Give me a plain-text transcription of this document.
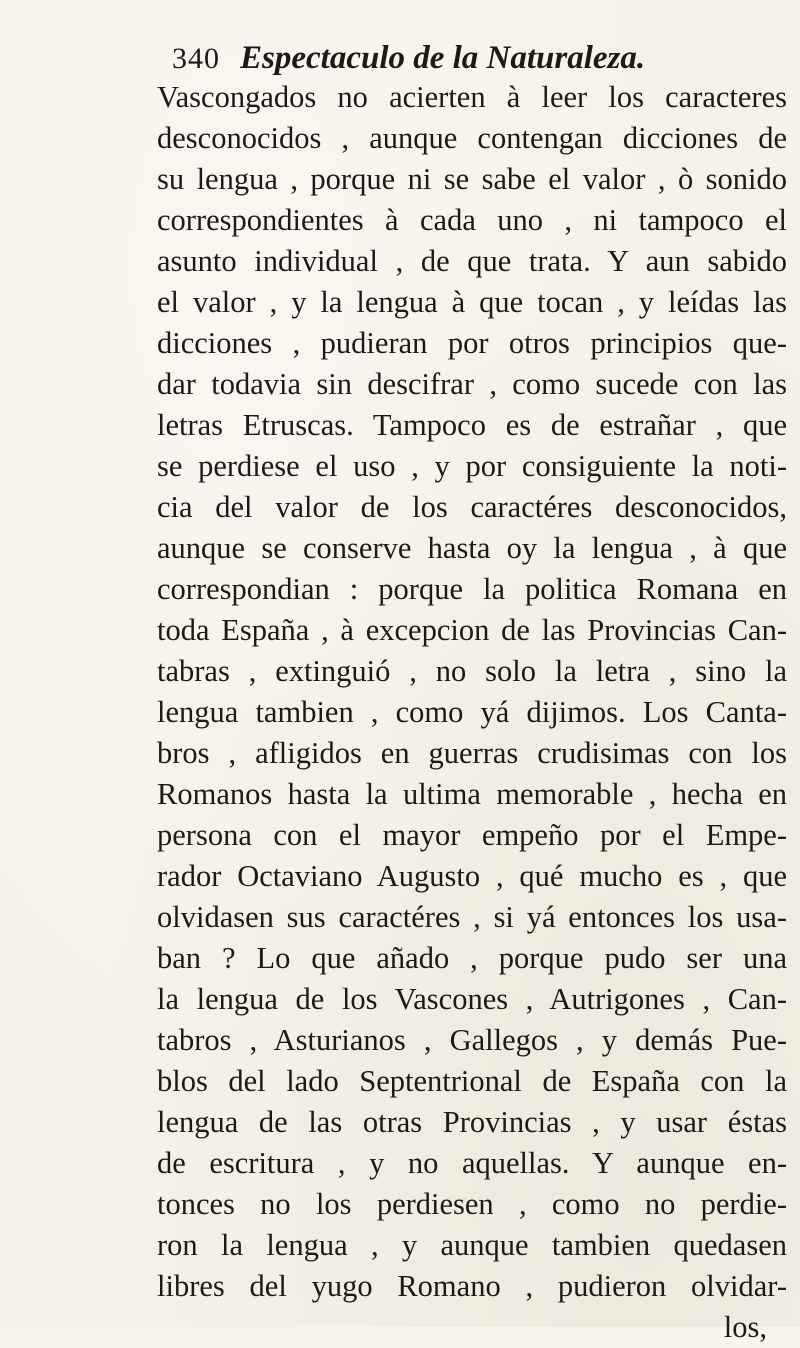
340 Espectaculo de la Naturaleza.
Vascongados no acierten à leer los caracteres
desconocidos , aunque contengan dicciones de
su lengua , porque ni se sabe el valor , ò sonido
correspondientes à cada uno , ni tampoco el
asunto individual , de que trata. Y aun sabido
el valor , y la lengua à que tocan , y leídas las
dicciones , pudieran por otros principios que-
dar todavia sin descifrar , como sucede con las
letras Etruscas. Tampoco es de estrañar , que
se perdiese el uso , y por consiguiente la noti-
cia del valor de los caractéres desconocidos,
aunque se conserve hasta oy la lengua , à que
correspondian : porque la politica Romana en
toda España , à excepcion de las Provincias Can-
tabras , extinguió , no solo la letra , sino la
lengua tambien , como yá dijimos. Los Canta-
bros , afligidos en guerras crudisimas con los
Romanos hasta la ultima memorable , hecha en
persona con el mayor empeño por el Empe-
rador Octaviano Augusto , qué mucho es , que
olvidasen sus caractéres , si yá entonces los usa-
ban ? Lo que añado , porque pudo ser una
la lengua de los Vascones , Autrigones , Can-
tabros , Asturianos , Gallegos , y demás Pue-
blos del lado Septentrional de España con la
lengua de las otras Provincias , y usar éstas
de escritura , y no aquellas. Y aunque en-
tonces no los perdiesen , como no perdie-
ron la lengua , y aunque tambien quedasen
libres del yugo Romano , pudieron olvidar-
los,
